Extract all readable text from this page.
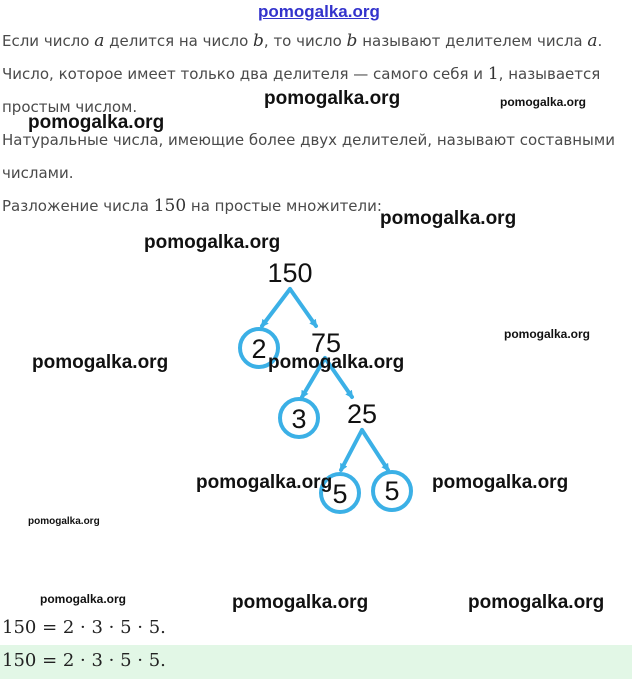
pomogalka.org
Если число a делится на число b, то число b называют делителем числа a.
Число, которое имеет только два делителя — самого себя и 1, называется
простым числом.
Натуральные числа, имеющие более двух делителей, называют составными
числами.
Разложение числа 150 на простые множители:
150
2 75
3 25
5 5
pomogalka.org	pomogalka.org
pomogalka.org
pomogalka.org
pomogalka.org
pomogalka.org
pomogalka.org	pomogalka.org
pomogalka.org	pomogalka.org
pomogalka.org
pomogalka.org	pomogalka.org	pomogalka.org
150 = 2 · 3 · 5 · 5.
150 = 2 · 3 · 5 · 5.
